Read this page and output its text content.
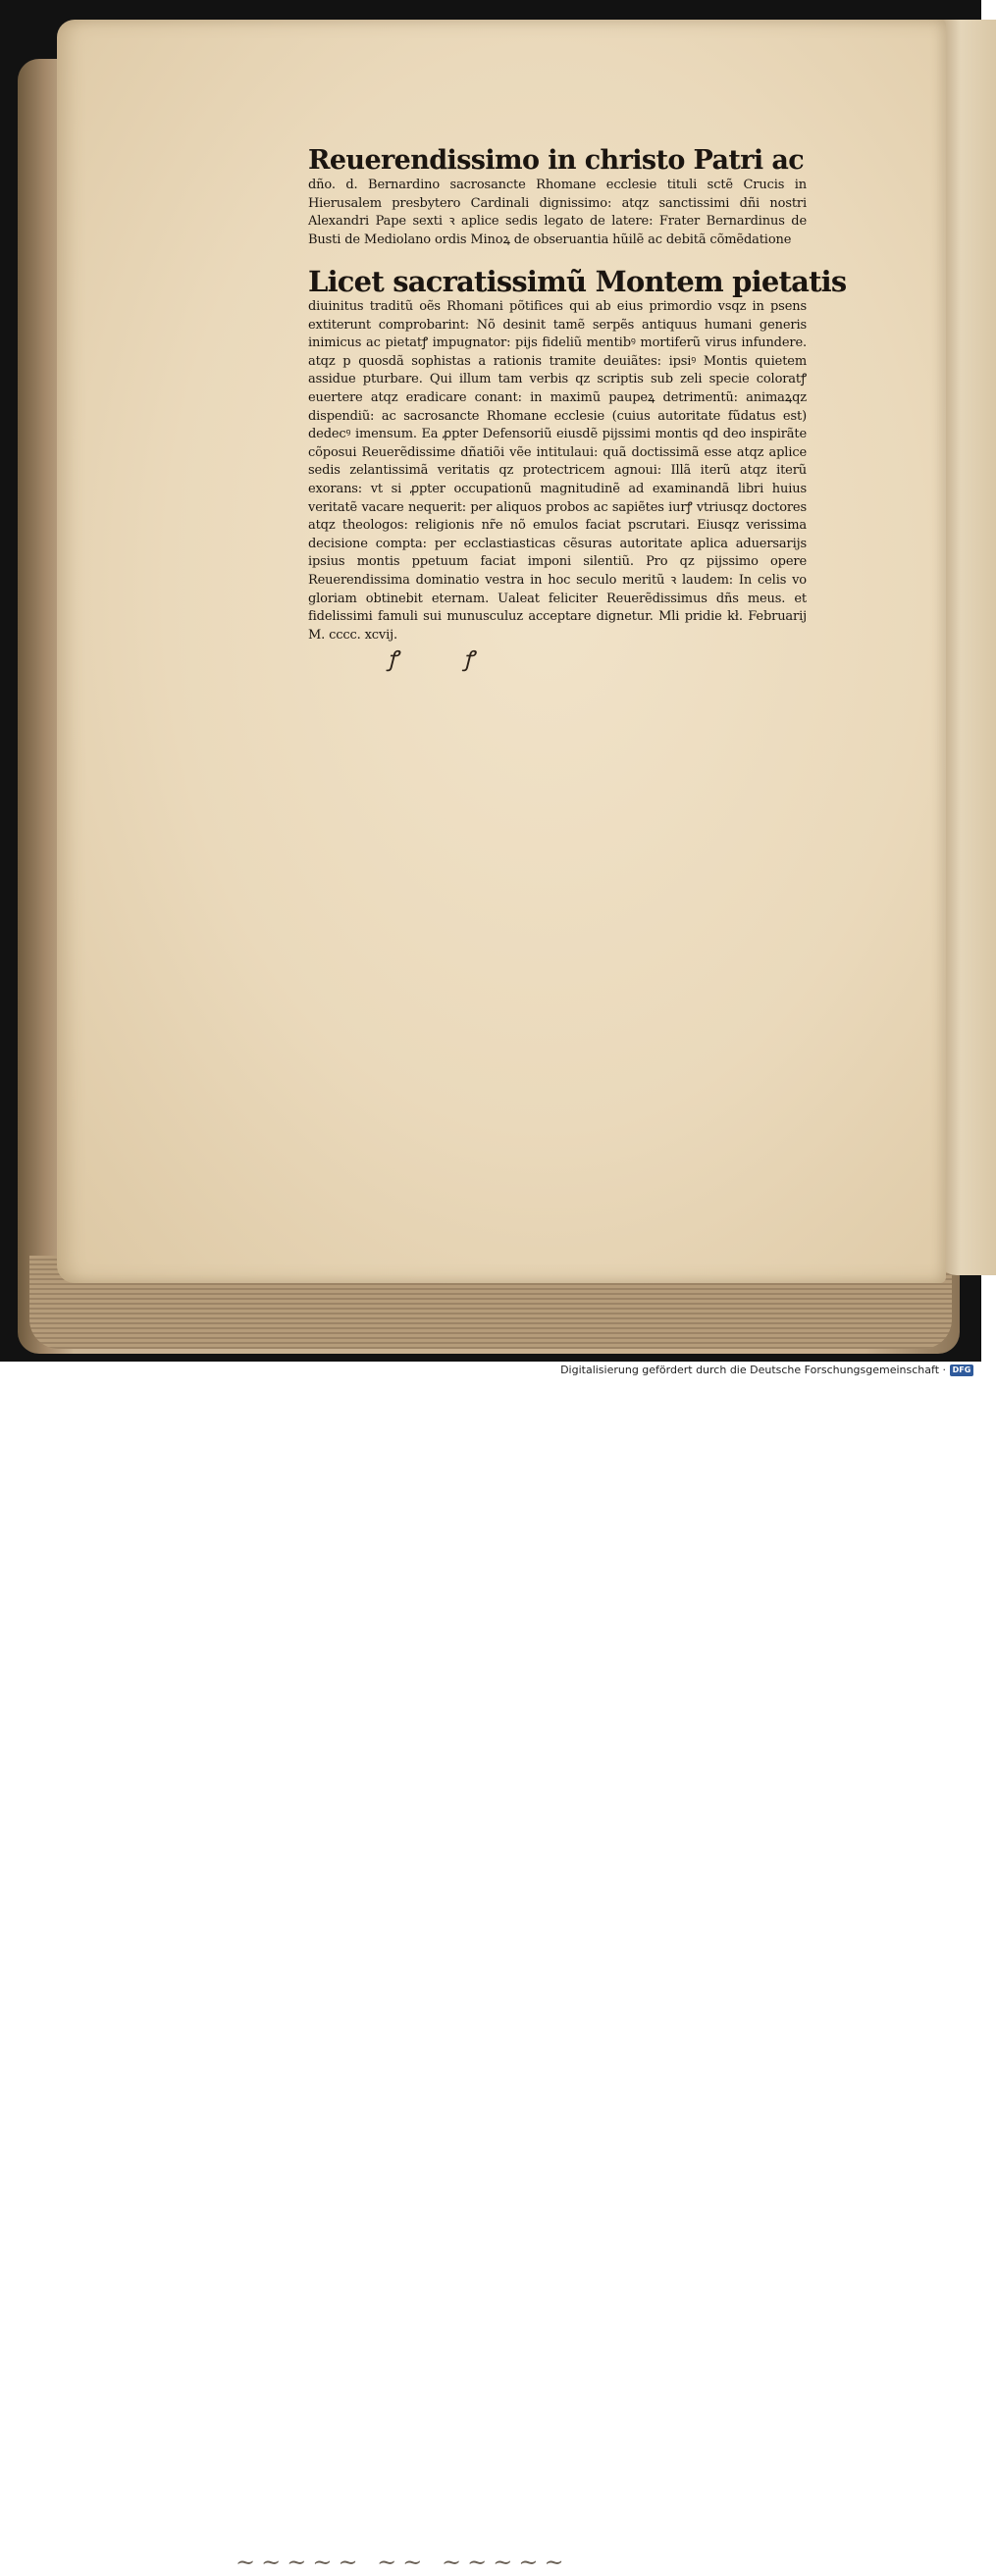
~~~~~ ~~ ~~~~~
Reuerendissimo in christo Patri ac
dño. d. Bernardino sacrosancte Rhomane ecclesie tituli sctẽ Crucis in Hierusalem presbytero Cardinali dignissimo: atqz sanctissimi dñi nostri Alexandri Pape sexti ꝛ aplice sedis legato de latere: Frater Bernardinus de Busti de Mediolano ordis Minoꝝ de obseruantia hũilẽ ac debitã cõmẽdatione
Licet sacratissimũ Montem pietatis
diuinitus traditũ oẽs Rhomani põtifices qui ab eius primordio vsqz in psens extiterunt comprobarint: Nõ desinit tamẽ serpẽs antiquus humani generis inimicus ac pietatꝭ impugnator: pijs fideliũ mentibꝰ mortiferũ virus infundere. atqz p quosdã sophistas a rationis tramite deuiãtes: ipsiꝰ Montis quietem assidue pturbare. Qui illum tam verbis qz scriptis sub zeli specie coloratꝭ euertere atqz eradicare conant: in maximũ paupeꝝ detrimentũ: animaꝝqz dispendiũ: ac sacrosancte Rhomane ecclesie (cuius autoritate fũdatus est) dedecꝰ imensum. Ea ꝓpter Defensoriũ eiusdẽ pijssimi montis qd deo inspirãte cõposui Reuerẽdissime dñatiõi vẽe intitulaui: quã doctissimã esse atqz aplice sedis zelantissimã veritatis qz protectricem agnoui: Illã iterũ atqz iterũ exorans: vt si ꝓpter occupationũ magnitudinẽ ad examinandã libri huius veritatẽ vacare nequerit: per aliquos probos ac sapiẽtes iurꝭ vtriusqz doctores atqz theologos: religionis nr̃e nõ emulos faciat pscrutari. Eiusqz verissima decisione compta: per ecclastiasticas cẽsuras autoritate aplica aduersarijs ipsius montis ppetuum faciat imponi silentiũ. Pro qz pijssimo opere Reuerendissima dominatio vestra in hoc seculo meritũ ꝛ laudem: In celis vo gloriam obtinebit eternam. Ualeat feliciter Reuerẽdissimus dñs meus. et fidelissimi famuli sui munusculuz acceptare dignetur. Mli pridie kł. Februarij M. cccc. xcvij.
ꝭ ꝭ
Digitalisierung gefördert durch die Deutsche Forschungsgemeinschaft · DFG
